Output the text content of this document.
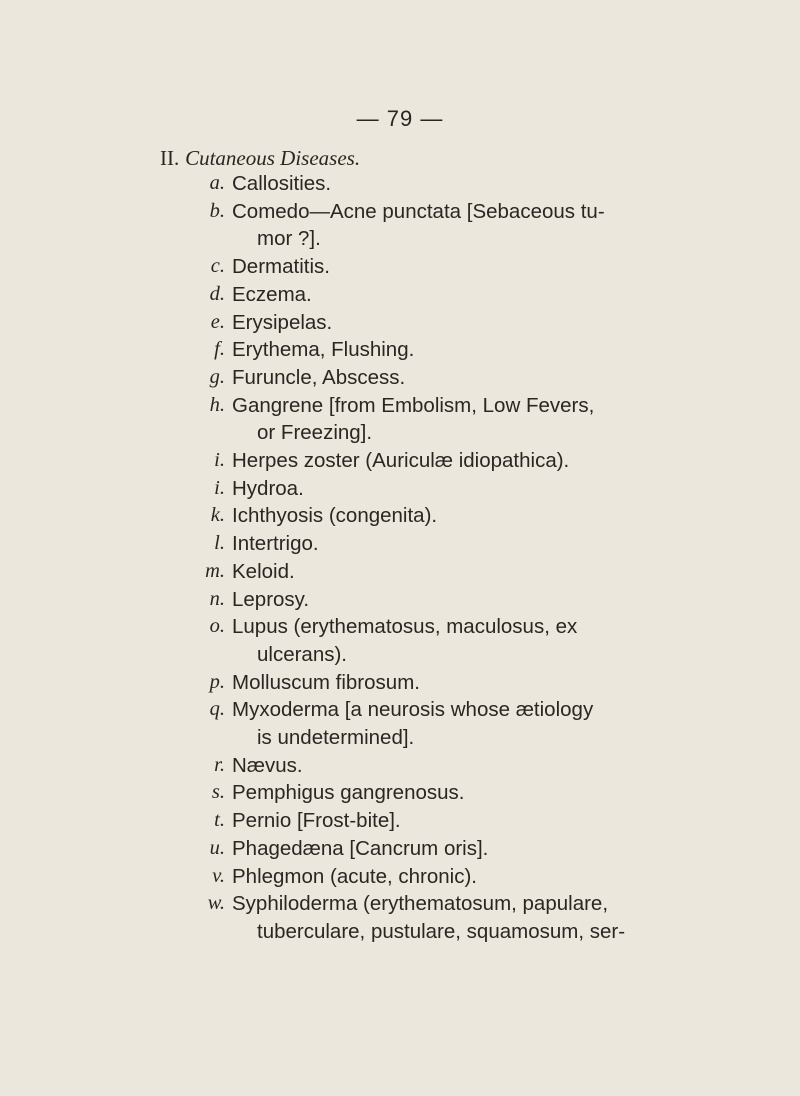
— 79 —
II. Cutaneous Diseases.
a. Callosities.
b. Comedo—Acne punctata [Sebaceous tu-
mor ?].
c. Dermatitis.
d. Eczema.
e. Erysipelas.
f. Erythema, Flushing.
g. Furuncle, Abscess.
h. Gangrene [from Embolism, Low Fevers,
or Freezing].
i. Herpes zoster (Auriculæ idiopathica).
i. Hydroa.
k. Ichthyosis (congenita).
l. Intertrigo.
m. Keloid.
n. Leprosy.
o. Lupus (erythematosus, maculosus, ex
ulcerans).
p. Molluscum fibrosum.
q. Myxoderma [a neurosis whose ætiology
is undetermined].
r. Nævus.
s. Pemphigus gangrenosus.
t. Pernio [Frost-bite].
u. Phagedæna [Cancrum oris].
v. Phlegmon (acute, chronic).
w. Syphiloderma (erythematosum, papulare,
tuberculare, pustulare, squamosum, ser-
